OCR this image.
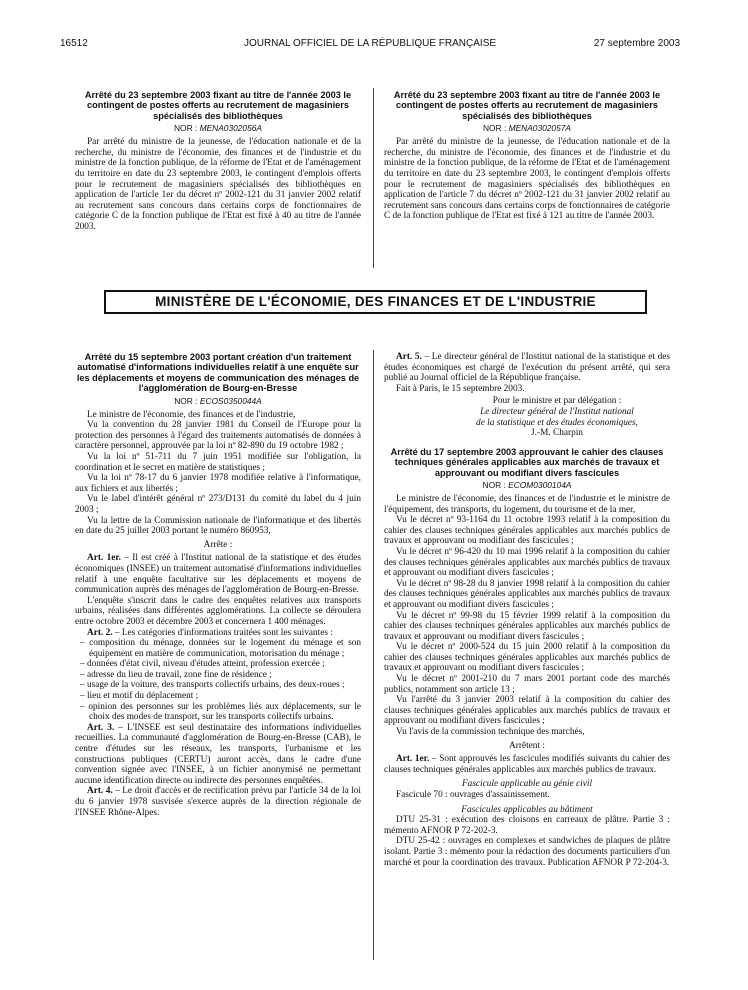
16512	JOURNAL OFFICIEL DE LA RÉPUBLIQUE FRANÇAISE	27 septembre 2003
Arrêté du 23 septembre 2003 fixant au titre de l'année 2003 le contingent de postes offerts au recrutement de magasiniers spécialisés des bibliothèques
NOR : MENA0302056A

Par arrêté du ministre de la jeunesse, de l'éducation nationale et de la recherche, du ministre de l'économie, des finances et de l'industrie et du ministre de la fonction publique, de la réforme de l'Etat et de l'aménagement du territoire en date du 23 septembre 2003, le contingent d'emplois offerts pour le recrutement de magasiniers spécialisés des bibliothèques en application de l'article 1er du décret nº 2002-121 du 31 janvier 2002 relatif au recrutement sans concours dans certains corps de fonctionnaires de catégorie C de la fonction publique de l'Etat est fixé à 40 au titre de l'année 2003.

Arrêté du 23 septembre 2003 fixant au titre de l'année 2003 le contingent de postes offerts au recrutement de magasiniers spécialisés des bibliothèques
NOR : MENA0302057A

Par arrêté du ministre de la jeunesse, de l'éducation nationale et de la recherche, du ministre de l'économie, des finances et de l'industrie et du ministre de la fonction publique, de la réforme de l'Etat et de l'aménagement du territoire en date du 23 septembre 2003, le contingent d'emplois offerts pour le recrutement de magasiniers spécialisés des bibliothèques en application de l'article 7 du décret nº 2002-121 du 31 janvier 2002 relatif au recrutement sans concours dans certains corps de fonctionnaires de catégorie C de la fonction publique de l'Etat est fixé à 121 au titre de l'année 2003.

MINISTÈRE DE L'ÉCONOMIE, DES FINANCES ET DE L'INDUSTRIE
Arrêté du 15 septembre 2003 portant création d'un traitement automatisé d'informations individuelles relatif à une enquête sur les déplacements et moyens de communication des ménages de l'agglomération de Bourg-en-Bresse
NOR : ECOS0350044A

Le ministre de l'économie, des finances et de l'industrie,

Vu la convention du 28 janvier 1981 du Conseil de l'Europe pour la protection des personnes à l'égard des traitements automatisés de données à caractère personnel, approuvée par la loi nº 82-890 du 19 octobre 1982 ;

Vu la loi nº 51-711 du 7 juin 1951 modifiée sur l'obligation, la coordination et le secret en matière de statistiques ;

Vu la loi nº 78-17 du 6 janvier 1978 modifiée relative à l'informatique, aux fichiers et aux libertés ;

Vu le label d'intérêt général nº 273/D131 du comité du label du 4 juin 2003 ;

Vu la lettre de la Commission nationale de l'informatique et des libertés en date du 25 juillet 2003 portant le numéro 860953,

Arrête :

Art. 1er. – Il est créé à l'Institut national de la statistique et des études économiques (INSEE) un traitement automatisé d'informations individuelles relatif à une enquête facultative sur les déplacements et moyens de communication auprès des ménages de l'agglomération de Bourg-en-Bresse.

L'enquête s'inscrit dans le cadre des enquêtes relatives aux transports urbains, réalisées dans différentes agglomérations. La collecte se déroulera entre octobre 2003 et décembre 2003 et concernera 1 400 ménages.

Art. 2. – Les catégories d'informations traitées sont les suivantes :

– composition du ménage, données sur le logement du ménage et son équipement en matière de communication, motorisation du ménage ;
– données d'état civil, niveau d'études atteint, profession exercée ;
– adresse du lieu de travail, zone fine de résidence ;
– usage de la voiture, des transports collectifs urbains, des deux-roues ;
– lieu et motif du déplacement ;
– opinion des personnes sur les problèmes liés aux déplacements, sur le choix des modes de transport, sur les transports collectifs urbains.

Art. 3. – L'INSEE est seul destinataire des informations individuelles recueillies. La communauté d'agglomération de Bourg-en-Bresse (CAB), le centre d'études sur les réseaux, les transports, l'urbanisme et les constructions publiques (CERTU) auront accès, dans le cadre d'une convention signée avec l'INSEE, à un fichier anonymisé ne permettant aucune identification directe ou indirecte des personnes enquêtées.

Art. 4. – Le droit d'accès et de rectification prévu par l'article 34 de la loi du 6 janvier 1978 susvisée s'exerce auprès de la direction régionale de l'INSEE Rhône-Alpes.

Art. 5. – Le directeur général de l'Institut national de la statistique et des études économiques est chargé de l'exécution du présent arrêté, qui sera publié au Journal officiel de la République française.

Fait à Paris, le 15 septembre 2003.

Pour le ministre et par délégation :

Le directeur général de l'Institut national

de la statistique et des études économiques,

J.-M. Charpin

Arrêté du 17 septembre 2003 approuvant le cahier des clauses techniques générales applicables aux marchés de travaux et approuvant ou modifiant divers fascicules
NOR : ECOM0300104A

Le ministre de l'économie, des finances et de l'industrie et le ministre de l'équipement, des transports, du logement, du tourisme et de la mer,

Vu le décret nº 93-1164 du 11 octobre 1993 relatif à la composition du cahier des clauses techniques générales applicables aux marchés publics de travaux et approuvant ou modifiant des fascicules ;

Vu le décret nº 96-420 du 10 mai 1996 relatif à la composition du cahier des clauses techniques générales applicables aux marchés publics de travaux et approuvant ou modifiant divers fascicules ;

Vu le décret nº 98-28 du 8 janvier 1998 relatif à la composition du cahier des clauses techniques générales applicables aux marchés publics de travaux et approuvant ou modifiant divers fascicules ;

Vu le décret nº 99-98 du 15 février 1999 relatif à la composition du cahier des clauses techniques générales applicables aux marchés publics de travaux et approuvant ou modifiant divers fascicules ;

Vu le décret nº 2000-524 du 15 juin 2000 relatif à la composition du cahier des clauses techniques générales applicables aux marchés publics de travaux et approuvant ou modifiant divers fascicules ;

Vu le décret nº 2001-210 du 7 mars 2001 portant code des marchés publics, notamment son article 13 ;

Vu l'arrêté du 3 janvier 2003 relatif à la composition du cahier des clauses techniques générales applicables aux marchés publics de travaux et approuvant ou modifiant divers fascicules ;

Vu l'avis de la commission technique des marchés,

Arrêtent :

Art. 1er. – Sont approuvés les fascicules modifiés suivants du cahier des clauses techniques générales applicables aux marchés publics de travaux.

Fascicule applicable au génie civil

Fascicule 70 : ouvrages d'assainissement.

Fascicules applicables au bâtiment

DTU 25-31 : exécution des cloisons en carreaux de plâtre. Partie 3 : mémento AFNOR P 72-202-3.

DTU 25-42 : ouvrages en complexes et sandwiches de plaques de plâtre isolant. Partie 3 : mémento pour la rédaction des documents particuliers d'un marché et pour la coordination des travaux. Publication AFNOR P 72-204-3.
